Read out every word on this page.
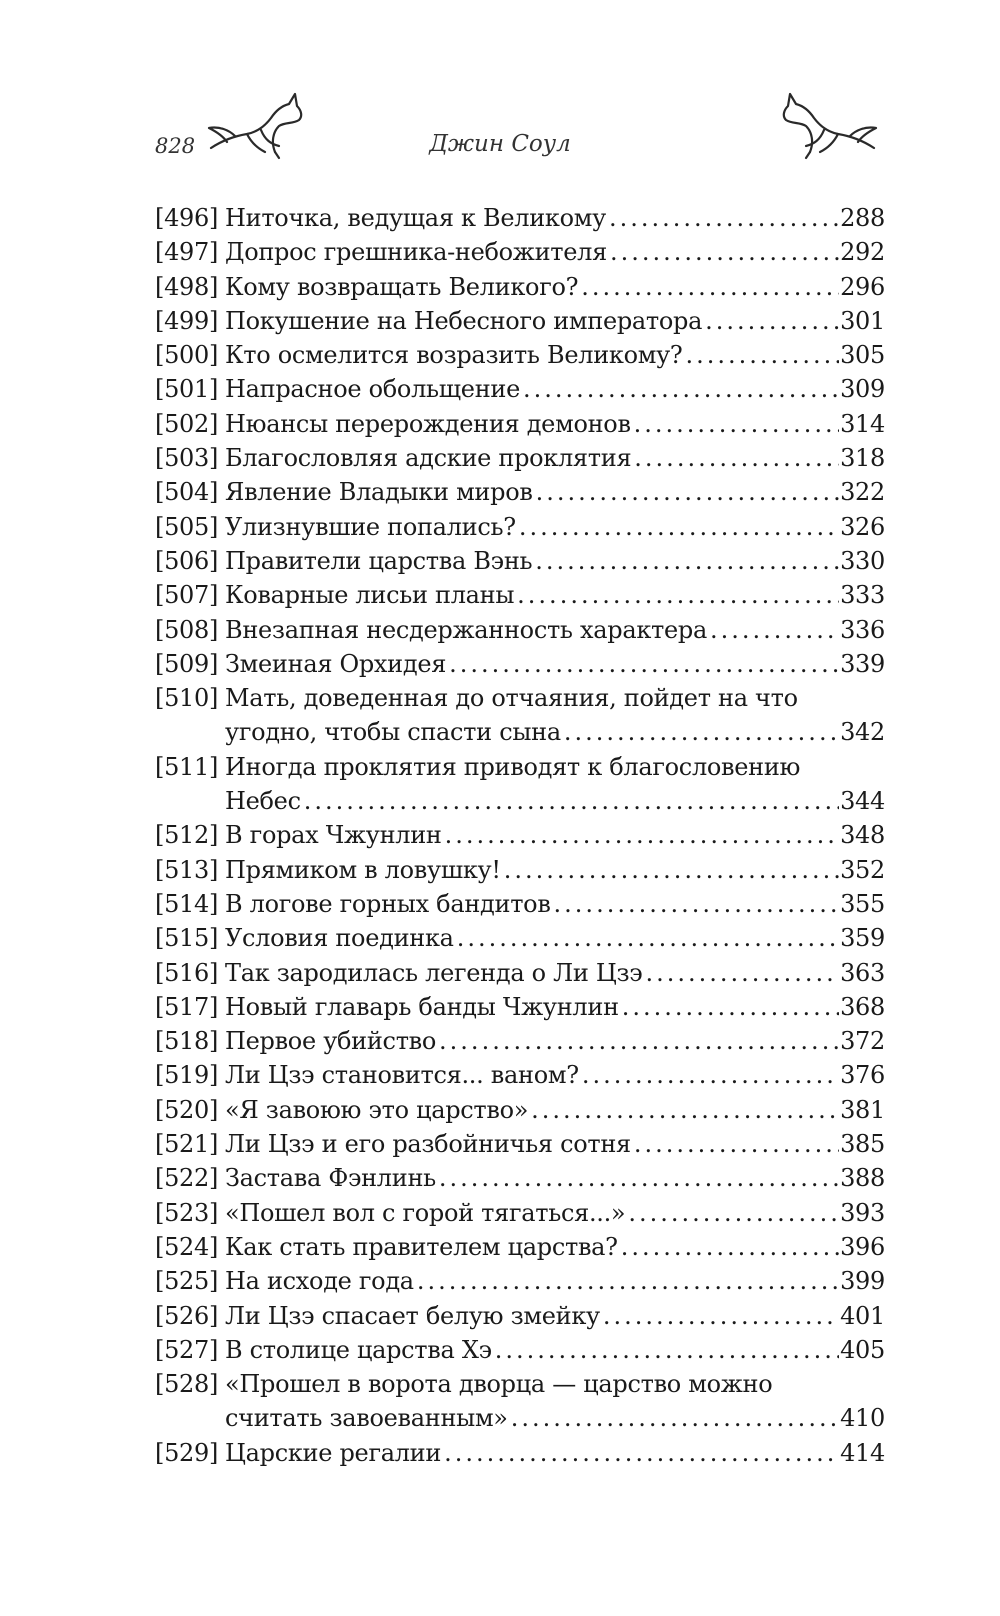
828	Джин Соул
[496] Ниточка, ведущая к Великому .....	288
[497] Допрос грешника-небожителя .....	292
[498] Кому возвращать Великого? .....	296
[499] Покушение на Небесного императора .....	301
[500] Кто осмелится возразить Великому? .....	305
[501] Напрасное обольщение .....	309
[502] Нюансы перерождения демонов .....	314
[503] Благословляя адские проклятия .....	318
[504] Явление Владыки миров .....	322
[505] Улизнувшие попались? .....	326
[506] Правители царства Вэнь .....	330
[507] Коварные лисьи планы .....	333
[508] Внезапная несдержанность характера .....	336
[509] Змеиная Орхидея .....	339
[510] Мать, доведенная до отчаяния, пойдет на что
угодно, чтобы спасти сына .....	342
[511] Иногда проклятия приводят к благословению
Небес .....	344
[512] В горах Чжунлин .....	348
[513] Прямиком в ловушку! .....	352
[514] В логове горных бандитов .....	355
[515] Условия поединка .....	359
[516] Так зародилась легенда о Ли Цзэ .....	363
[517] Новый главарь банды Чжунлин .....	368
[518] Первое убийство .....	372
[519] Ли Цзэ становится... ваном? .....	376
[520] «Я завоюю это царство» .....	381
[521] Ли Цзэ и его разбойничья сотня .....	385
[522] Застава Фэнлинь .....	388
[523] «Пошел вол с горой тягаться...» .....	393
[524] Как стать правителем царства? .....	396
[525] На исходе года .....	399
[526] Ли Цзэ спасает белую змейку .....	401
[527] В столице царства Хэ .....	405
[528] «Прошел в ворота дворца — царство можно
считать завоеванным» .....	410
[529] Царские регалии .....	414
